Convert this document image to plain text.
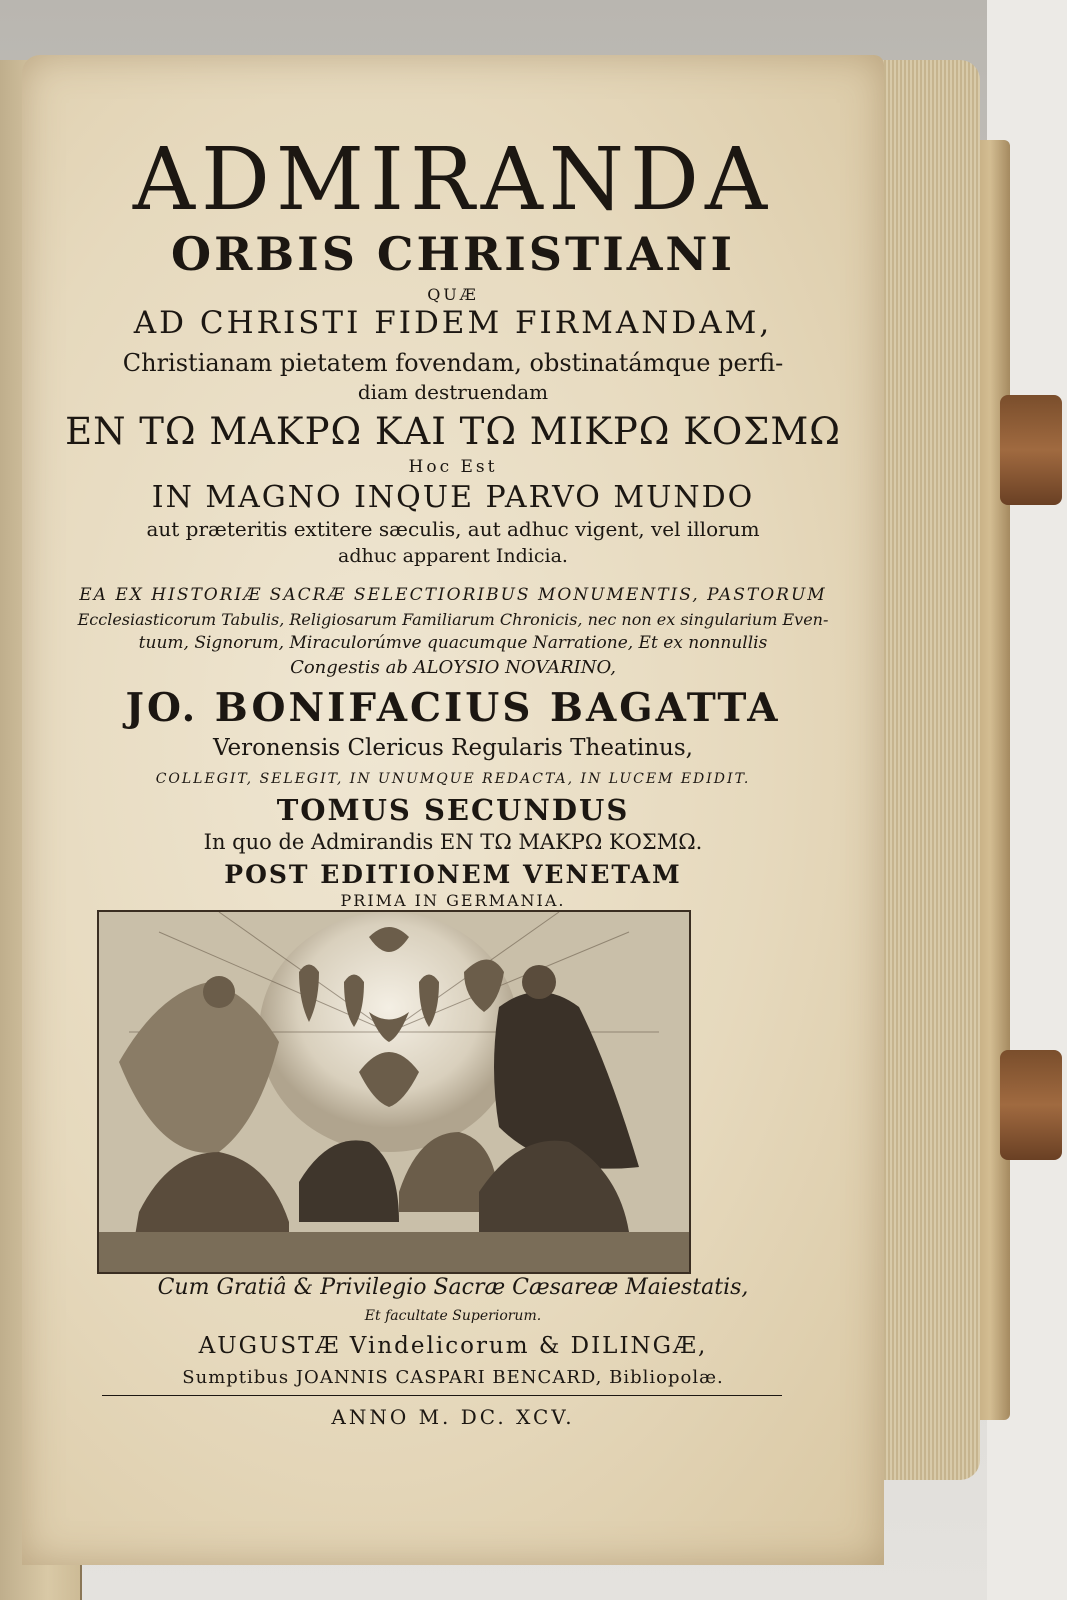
ADMIRANDA
ORBIS CHRISTIANI
QUÆ
AD CHRISTI FIDEM FIRMANDAM,
Christianam pietatem fovendam, obstinatámque perfi-
diam destruendam
ΕΝ ΤΩ ΜΑΚΡΩ ΚΑΙ ΤΩ ΜΙΚΡΩ ΚΟΣΜΩ
Hoc Est
IN MAGNO INQUE PARVO MUNDO
aut præteritis extitere sæculis, aut adhuc vigent, vel illorum
adhuc apparent Indicia.
EA EX HISTORIÆ SACRÆ SELECTIORIBUS MONUMENTIS, PASTORUM
Ecclesiasticorum Tabulis, Religiosarum Familiarum Chronicis, nec non ex singularium Even-
tuum, Signorum, Miraculorúmve quacumque Narratione, Et ex nonnullis
Congestis ab ALOYSIO NOVARINO,
JO. BONIFACIUS BAGATTA
Veronensis Clericus Regularis Theatinus,
COLLEGIT, SELEGIT, IN UNUMQUE REDACTA, IN LUCEM EDIDIT.
TOMUS SECUNDUS
In quo de Admirandis ΕΝ ΤΩ ΜΑΚΡΩ ΚΟΣΜΩ.
POST EDITIONEM VENETAM
PRIMA IN GERMANIA.
Cum Gratiâ & Privilegio Sacræ Cæsareæ Maiestatis,
Et facultate Superiorum.
AUGUSTÆ Vindelicorum & DILINGÆ,
Sumptibus JOANNIS CASPARI BENCARD, Bibliopolæ.
ANNO M. DC. XCV.
